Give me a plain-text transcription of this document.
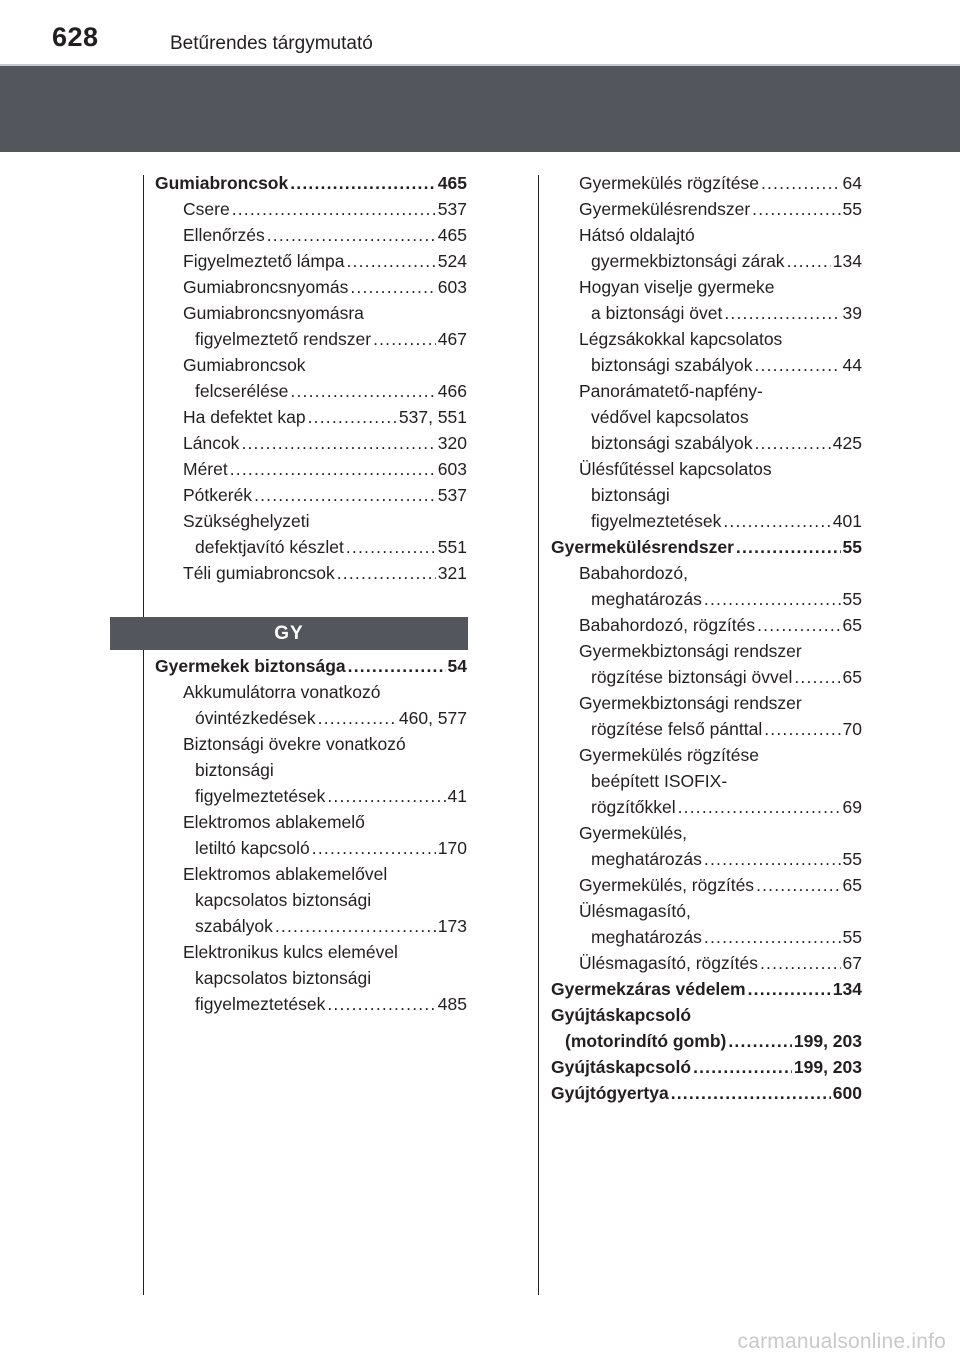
628	Betűrendes tárgymutató
Gumiabroncsok .....	465
Csere .....	537
Ellenőrzés .....	465
Figyelmeztető lámpa .....	524
Gumiabroncsnyomás .....	603
Gumiabroncsnyomásra
figyelmeztető rendszer .....	467
Gumiabroncsok
felcserélése .....	466
Ha defektet kap .....	537, 551
Láncok .....	320
Méret .....	603
Pótkerék .....	537
Szükséghelyzeti
defektjavító készlet .....	551
Téli gumiabroncsok .....	321
GY
Gyermekek biztonsága .....	54
Akkumulátorra vonatkozó
óvintézkedések .....	460, 577
Biztonsági övekre vonatkozó
biztonsági
figyelmeztetések .....	41
Elektromos ablakemelő
letiltó kapcsoló .....	170
Elektromos ablakemelővel
kapcsolatos biztonsági
szabályok .....	173
Elektronikus kulcs elemével
kapcsolatos biztonsági
figyelmeztetések .....	485
Gyermekülés rögzítése .....	64
Gyermekülésrendszer .....	55
Hátsó oldalajtó
gyermekbiztonsági zárak .....	134
Hogyan viselje gyermeke
a biztonsági övet .....	39
Légzsákokkal kapcsolatos
biztonsági szabályok .....	44
Panorámatető-napfény-
védővel kapcsolatos
biztonsági szabályok .....	425
Ülésfűtéssel kapcsolatos
biztonsági
figyelmeztetések .....	401
Gyermekülésrendszer .....	55
Babahordozó,
meghatározás .....	55
Babahordozó, rögzítés .....	65
Gyermekbiztonsági rendszer
rögzítése biztonsági övvel .....	65
Gyermekbiztonsági rendszer
rögzítése felső pánttal .....	70
Gyermekülés rögzítése
beépített ISOFIX-
rögzítőkkel .....	69
Gyermekülés,
meghatározás .....	55
Gyermekülés, rögzítés .....	65
Ülésmagasító,
meghatározás .....	55
Ülésmagasító, rögzítés .....	67
Gyermekzáras védelem .....	134
Gyújtáskapcsoló
(motorindító gomb) .....	199, 203
Gyújtáskapcsoló .....	199, 203
Gyújtógyertya .....	600
carmanualsonline.info
